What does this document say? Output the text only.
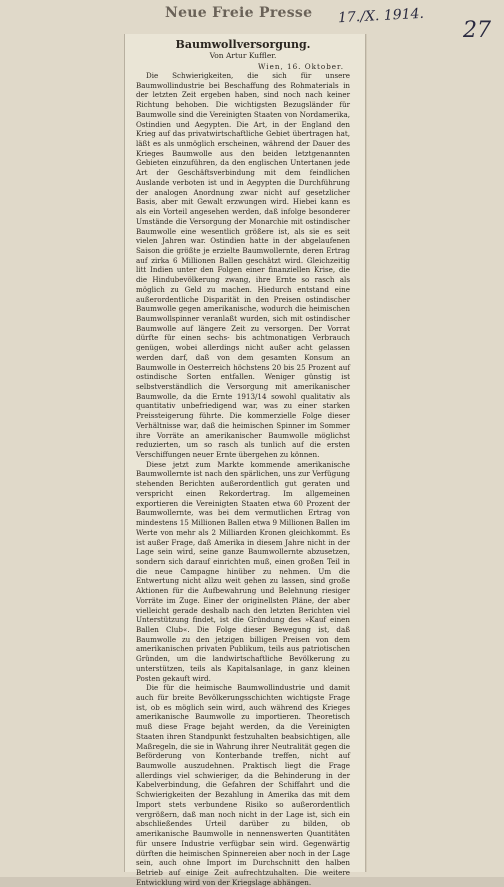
Neue Freie Presse 17./X. 1914.
27

Baumwollversorgung.

Von Artur Kuffler.

Wien, 16. Oktober.

Die Schwierigkeiten, die sich für unsere Baumwollindustrie bei Beschaffung des Rohmaterials in der letzten Zeit ergeben haben, sind noch nach keiner Richtung behoben. Die wichtigsten Bezugsländer für Baumwolle sind die Vereinigten Staaten von Nordamerika, Ostindien und Aegypten. Die Art, in der England den Krieg auf das privatwirtschaftliche Gebiet übertragen hat, läßt es als unmöglich erscheinen, während der Dauer des Krieges Baumwolle aus den beiden letztgenannten Gebieten einzuführen, da den englischen Untertanen jede Art der Geschäftsverbindung mit dem feindlichen Auslande verboten ist und in Aegypten die Durchführung der analogen Anordnung zwar nicht auf gesetzlicher Basis, aber mit Gewalt erzwungen wird. Hiebei kann es als ein Vorteil angesehen werden, daß infolge besonderer Umstände die Versorgung der Monarchie mit ostindischer Baumwolle eine wesentlich größere ist, als sie es seit vielen Jahren war. Ostindien hatte in der abgelaufenen Saison die größte je erzielte Baumwollernte, deren Ertrag auf zirka 6 Millionen Ballen geschätzt wird. Gleichzeitig litt Indien unter den Folgen einer finanziellen Krise, die die Hindubevölkerung zwang, ihre Ernte so rasch als möglich zu Geld zu machen. Hiedurch entstand eine außerordentliche Disparität in den Preisen ostindischer Baumwolle gegen amerikanische, wodurch die heimischen Baumwollspinner veranlaßt wurden, sich mit ostindischer Baumwolle auf längere Zeit zu versorgen. Der Vorrat dürfte für einen sechs- bis achtmonatigen Verbrauch genügen, wobei allerdings nicht außer acht gelassen werden darf, daß von dem gesamten Konsum an Baumwolle in Oesterreich höchstens 20 bis 25 Prozent auf ostindische Sorten entfallen. Weniger günstig ist selbstverständlich die Versorgung mit amerikanischer Baumwolle, da die Ernte 1913/14 sowohl qualitativ als quantitativ unbefriedigend war, was zu einer starken Preissteigerung führte. Die kommerzielle Folge dieser Verhältnisse war, daß die heimischen Spinner im Sommer ihre Vorräte an amerikanischer Baumwolle möglichst reduzierten, um so rasch als tunlich auf die ersten Verschiffungen neuer Ernte übergehen zu können.

Diese jetzt zum Markte kommende amerikanische Baumwollernte ist nach den spärlichen, uns zur Verfügung stehenden Berichten außerordentlich gut geraten und verspricht einen Rekordertrag. Im allgemeinen exportieren die Vereinigten Staaten etwa 60 Prozent der Baumwollernte, was bei dem vermutlichen Ertrag von mindestens 15 Millionen Ballen etwa 9 Millionen Ballen im Werte von mehr als 2 Milliarden Kronen gleichkommt. Es ist außer Frage, daß Amerika in diesem Jahre nicht in der Lage sein wird, seine ganze Baumwollernte abzusetzen, sondern sich darauf einrichten muß, einen großen Teil in die neue Campagne hinüber zu nehmen. Um die Entwertung nicht allzu weit gehen zu lassen, sind große Aktionen für die Aufbewahrung und Belehnung riesiger Vorräte im Zuge. Einer der originellsten Pläne, der aber vielleicht gerade deshalb nach den letzten Berichten viel Unterstützung findet, ist die Gründung des »Kauf einen Ballen Club«. Die Folge dieser Bewegung ist, daß Baumwolle zu den jetzigen billigen Preisen von dem amerikanischen privaten Publikum, teils aus patriotischen Gründen, um die landwirtschaftliche Bevölkerung zu unterstützen, teils als Kapitalsanlage, in ganz kleinen Posten gekauft wird.

Die für die heimische Baumwollindustrie und damit auch für breite Bevölkerungsschichten wichtigste Frage ist, ob es möglich sein wird, auch während des Krieges amerikanische Baumwolle zu importieren. Theoretisch muß diese Frage bejaht werden, da die Vereinigten Staaten ihren Standpunkt festzuhalten beabsichtigen, alle Maßregeln, die sie in Wahrung ihrer Neutralität gegen die Beförderung von Konterbande treffen, nicht auf Baumwolle auszudehnen. Praktisch liegt die Frage allerdings viel schwieriger, da die Behinderung in der Kabelverbindung, die Gefahren der Schiffahrt und die Schwierigkeiten der Bezahlung in Amerika das mit dem Import stets verbundene Risiko so außerordentlich vergrößern, daß man noch nicht in der Lage ist, sich ein abschließendes Urteil darüber zu bilden, ob amerikanische Baumwolle in nennenswerten Quantitäten für unsere Industrie verfügbar sein wird. Gegenwärtig dürften die heimischen Spinnereien aber noch in der Lage sein, auch ohne Import im Durchschnitt den halben Betrieb auf einige Zeit aufrechtzuhalten. Die weitere Entwicklung wird von der Kriegslage abhängen.
